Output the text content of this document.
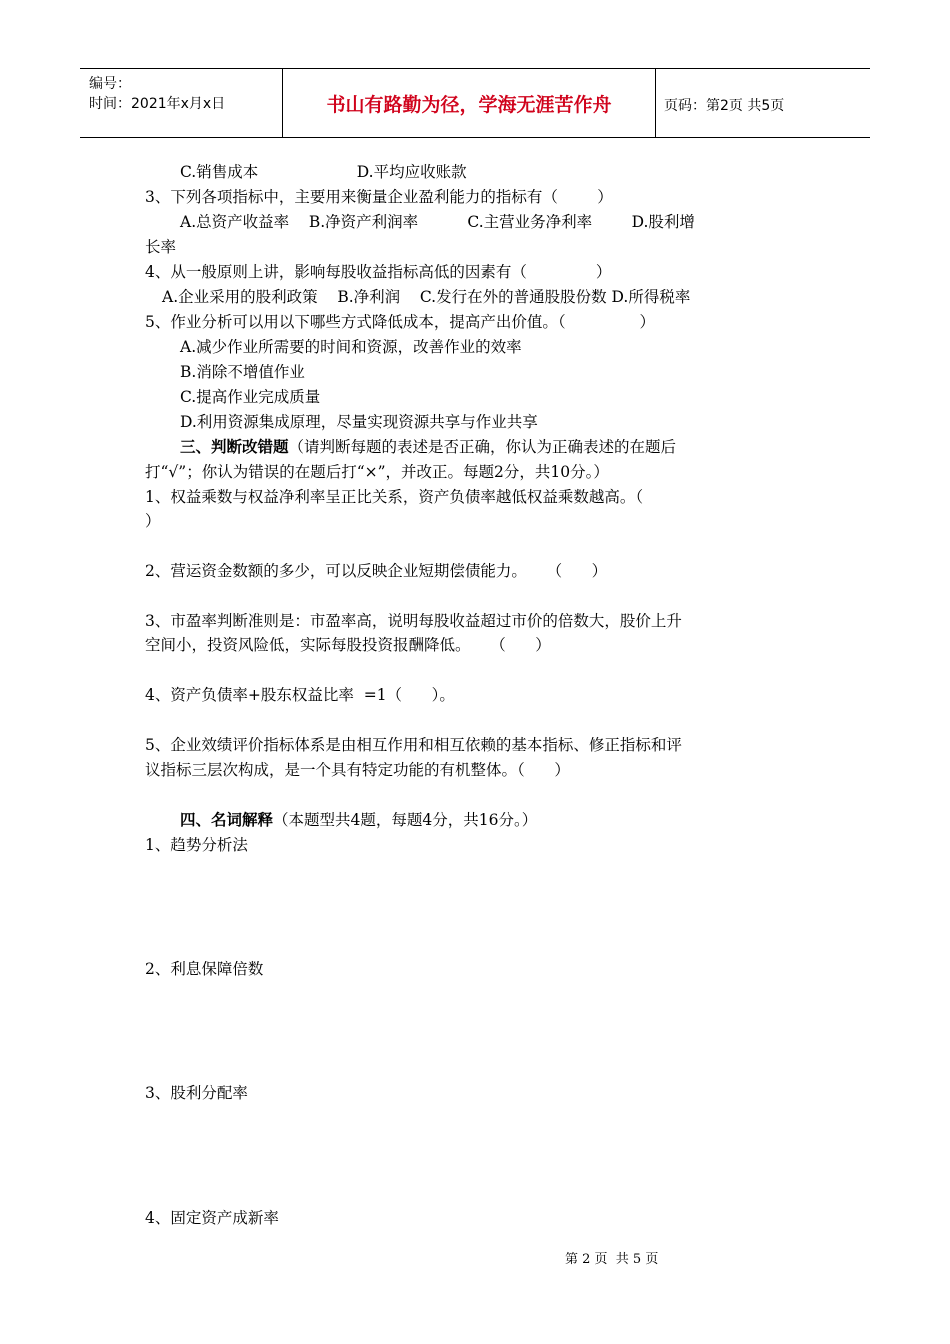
编号：
时间：2021年x月x日	书山有路勤为径，学海无涯苦作舟	页码：第2页 共5页
C.销售成本                    D.平均应收账款
3、下列各项指标中，主要用来衡量企业盈利能力的指标有（        ）
A.总资产收益率    B.净资产利润率          C.主营业务净利率        D.股利增
长率
4、从一般原则上讲，影响每股收益指标高低的因素有（              ）
A.企业采用的股利政策    B.净利润    C.发行在外的普通股股份数 D.所得税率
5、作业分析可以用以下哪些方式降低成本，提高产出价值。（               ）
A.减少作业所需要的时间和资源，改善作业的效率
B.消除不增值作业
C.提高作业完成质量
D.利用资源集成原理，尽量实现资源共享与作业共享
三、判断改错题（请判断每题的表述是否正确，你认为正确表述的在题后
打“√”；你认为错误的在题后打“×”，并改正。每题2分，共10分。）
1、权益乘数与权益净利率呈正比关系，资产负债率越低权益乘数越高。（
）
2、营运资金数额的多少，可以反映企业短期偿债能力。    （      ）
3、市盈率判断准则是：市盈率高，说明每股收益超过市价的倍数大，股价上升
空间小，投资风险低，实际每股投资报酬降低。    （      ）
4、资产负债率+股东权益比率  =1（      ）。
5、企业效绩评价指标体系是由相互作用和相互依赖的基本指标、修正指标和评
议指标三层次构成，是一个具有特定功能的有机整体。（      ）
四、名词解释（本题型共4题，每题4分，共16分。）
1、趋势分析法
2、利息保障倍数
3、股利分配率
4、固定资产成新率
第 2 页  共 5 页
